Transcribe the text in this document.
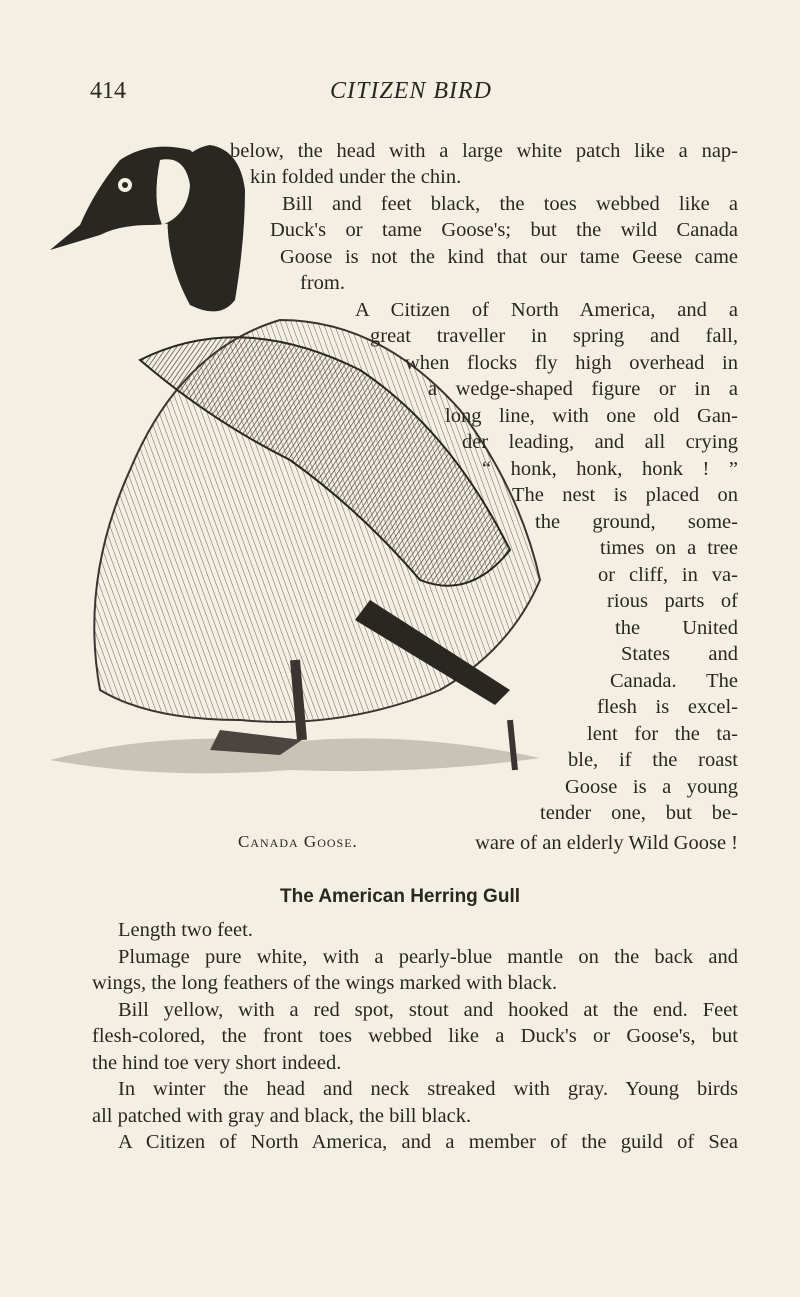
414	CITIZEN BIRD
below, the head with a large white patch like a nap-
kin folded under the chin.
Bill and feet black, the toes webbed like a
Duck's or tame Goose's; but the wild Canada
Goose is not the kind that our tame Geese came
from.
A Citizen of North America, and a
great traveller in spring and fall,
when flocks fly high overhead in
a wedge-shaped figure or in a
long line, with one old Gan-
der leading, and all crying
“ honk, honk, honk ! ”
The nest is placed on
the ground, some-
times on a tree
or cliff, in va-
rious parts of
the United
States and
Canada. The
flesh is excel-
lent for the ta-
ble, if the roast
Goose is a young
tender one, but be-
Canada Goose.	ware of an elderly Wild Goose !
The American Herring Gull
Length two feet.
Plumage pure white, with a pearly-blue mantle on the back and
wings, the long feathers of the wings marked with black.
Bill yellow, with a red spot, stout and hooked at the end. Feet
flesh-colored, the front toes webbed like a Duck's or Goose's, but
the hind toe very short indeed.
In winter the head and neck streaked with gray. Young birds
all patched with gray and black, the bill black.
A Citizen of North America, and a member of the guild of Sea
